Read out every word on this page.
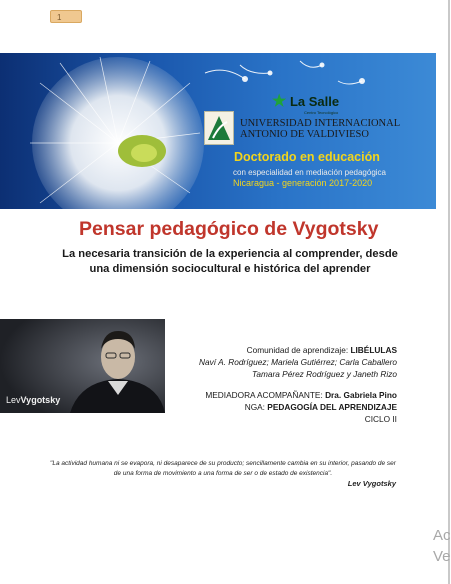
1
★ La Salle
Centro Tecnológico
UNIVERSIDAD INTERNACIONAL
ANTONIO DE VALDIVIESO
Doctorado en educación
con especialidad en mediación pedagógica
Nicaragua - generación 2017-2020
Pensar pedagógico de Vygotsky
La necesaria transición de la experiencia al comprender, desde una dimensión sociocultural e histórica del aprender
LevVygotsky
Comunidad de aprendizaje: LIBÉLULAS
Naví A. Rodríguez; Mariela Gutiérrez; Carla Caballero
Tamara Pérez Rodríguez y Janeth Rizo
MEDIADORA ACOMPAÑANTE: Dra. Gabriela Pino
NGA: PEDAGOGÍA DEL APRENDIZAJE
CICLO II
"La actividad humana ni se evapora, ni desaparece de su producto; sencillamente cambia en su interior, pasando de ser de una forma de movimiento a una forma de ser o de estado de existencia".
Lev Vygotsky
Ac
Ve
